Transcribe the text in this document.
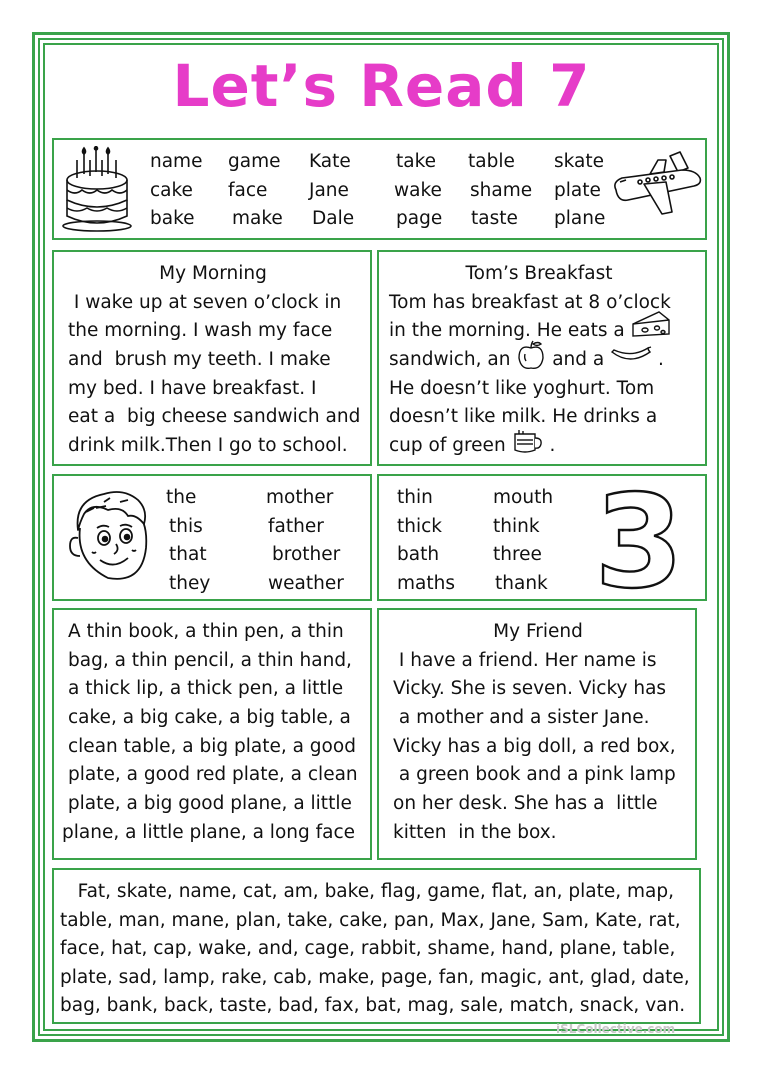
Let’s Read 7
name
cake
bake
game
face
make
Kate
Jane
Dale
take
wake
page
table
shame
taste
skate
plate
plane
My Morning
I wake up at seven o’clock in
the morning. I wash my face
and  brush my teeth. I make
my bed. I have breakfast. I
eat a  big cheese sandwich and
drink milk.Then I go to school.
Tom’s Breakfast
Tom has breakfast at 8 o’clock
in the morning. He eats a
sandwich, an and a	.
He doesn’t like yoghurt. Tom
doesn’t like milk. He drinks a
cup of green .
the
this
that
they
mother
father
brother
weather
thin
thick
bath
maths
mouth
think
three
thank 3
A thin book, a thin pen, a thin
bag, a thin pencil, a thin hand,
a thick lip, a thick pen, a little
cake, a big cake, a big table, a
clean table, a big plate, a good
plate, a good red plate, a clean
plate, a big good plane, a little
plane, a little plane, a long face
My Friend
I have a friend. Her name is
Vicky. She is seven. Vicky has
a mother and a sister Jane.
Vicky has a big doll, a red box,
a green book and a pink lamp
on her desk. She has a  little
kitten  in the box.
Fat, skate, name, cat, am, bake, flag, game, flat, an, plate, map,
table, man, mane, plan, take, cake, pan, Max, Jane, Sam, Kate, rat,
face, hat, cap, wake, and, cage, rabbit, shame, hand, plane, table,
plate, sad, lamp, rake, cab, make, page, fan, magic, ant, glad, date,
bag, bank, back, taste, bad, fax, bat, mag, sale, match, snack, van.
iSLCollective.com
